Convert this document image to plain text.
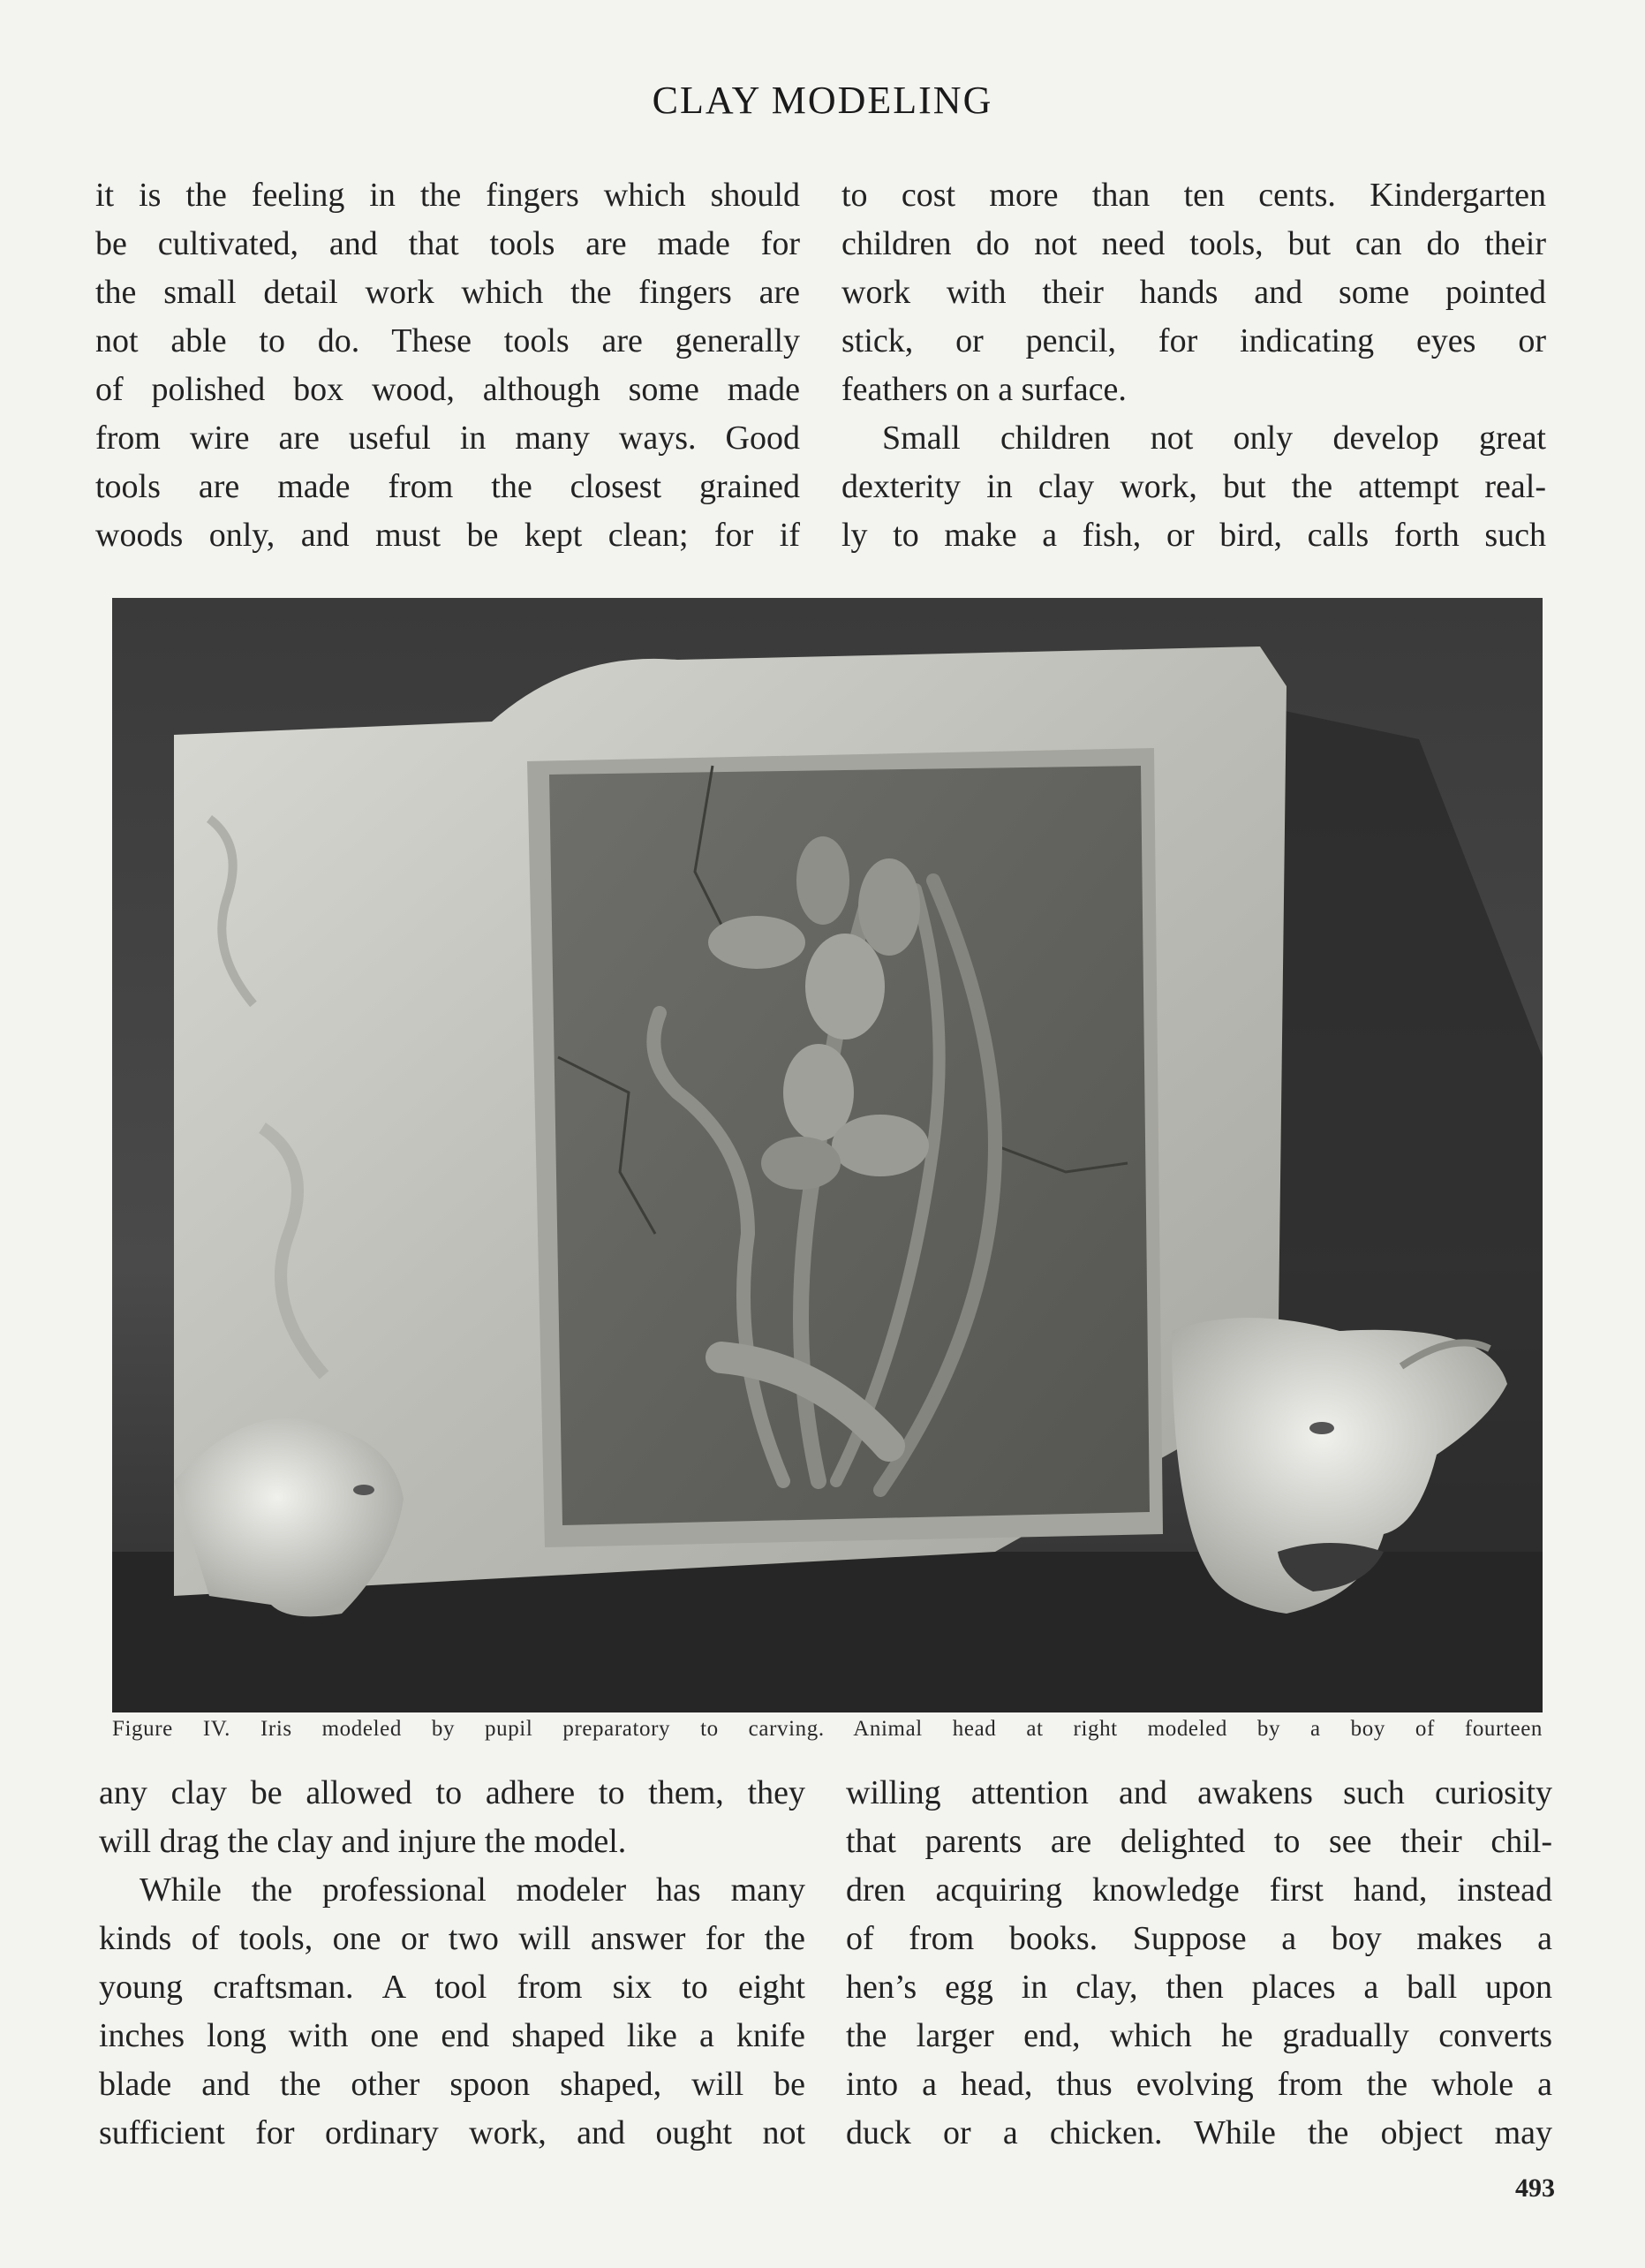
CLAY MODELING
it is the feeling in the fingers which should
be cultivated, and that tools are made for
the small detail work which the fingers are
not able to do. These tools are generally
of polished box wood, although some made
from wire are useful in many ways. Good
tools are made from the closest grained
woods only, and must be kept clean; for if
to cost more than ten cents. Kindergarten
children do not need tools, but can do their
work with their hands and some pointed
stick, or pencil, for indicating eyes or
feathers on a surface.
Small children not only develop great
dexterity in clay work, but the attempt real-
ly to make a fish, or bird, calls forth such
Figure IV. Iris modeled by pupil preparatory to carving. Animal head at right modeled by a boy of fourteen
any clay be allowed to adhere to them, they
will drag the clay and injure the model.
While the professional modeler has many
kinds of tools, one or two will answer for the
young craftsman. A tool from six to eight
inches long with one end shaped like a knife
blade and the other spoon shaped, will be
sufficient for ordinary work, and ought not
willing attention and awakens such curiosity
that parents are delighted to see their chil-
dren acquiring knowledge first hand, instead
of from books. Suppose a boy makes a
hen’s egg in clay, then places a ball upon
the larger end, which he gradually converts
into a head, thus evolving from the whole a
duck or a chicken. While the object may
493
